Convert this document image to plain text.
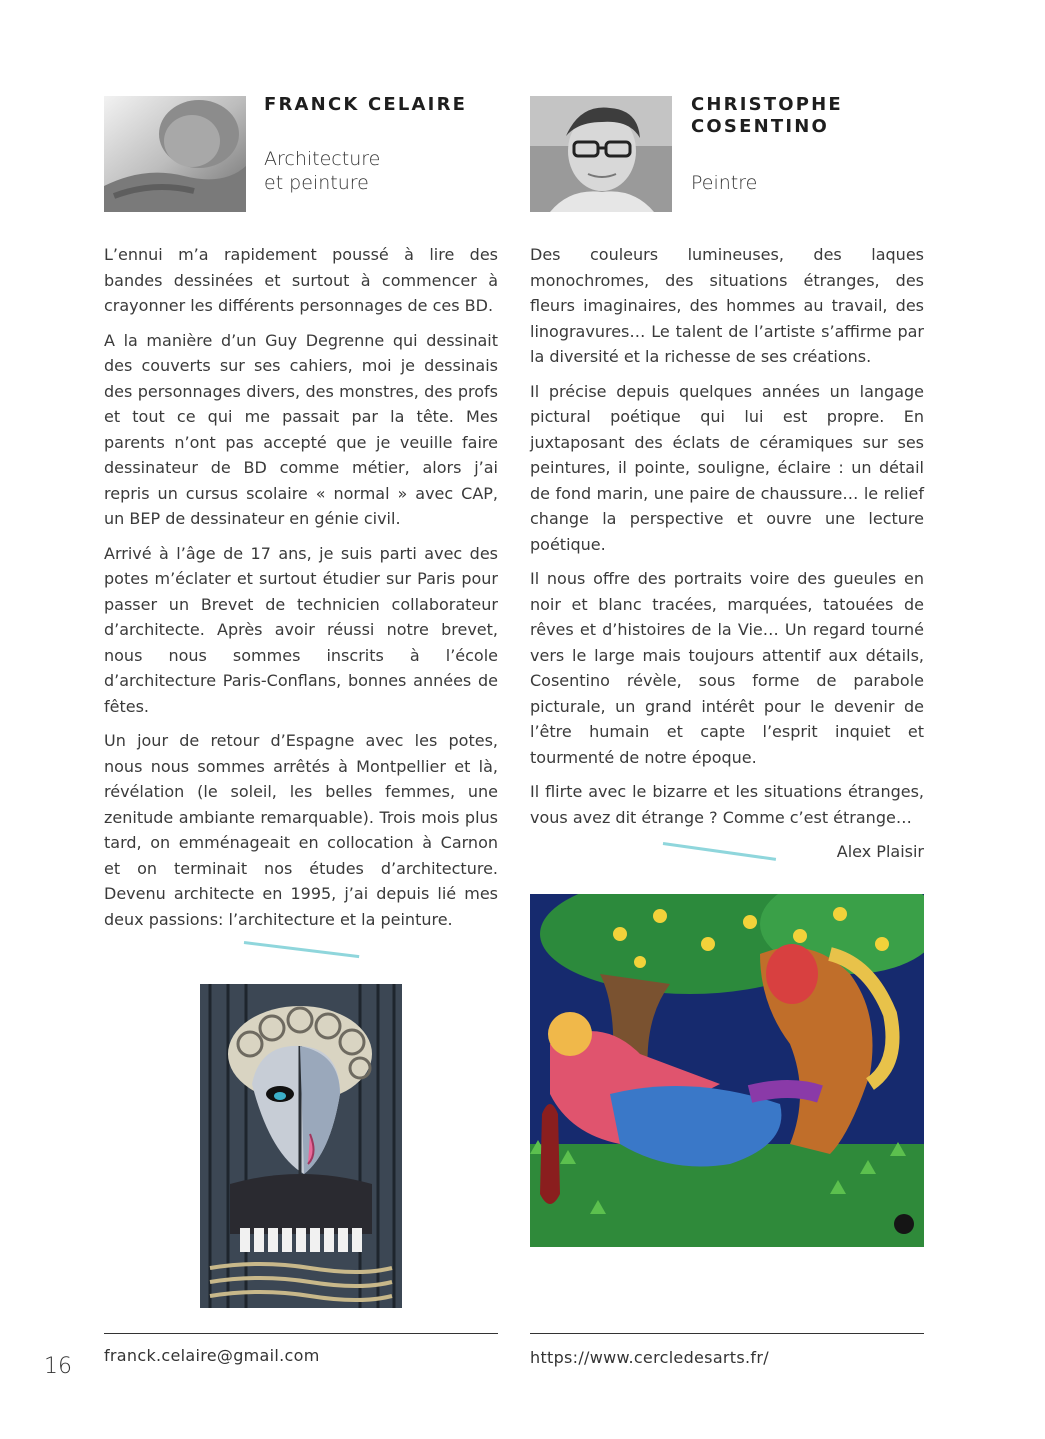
FRANCK CELAIRE

Architecture

et peinture

CHRISTOPHE
COSENTINO

Peintre

L’ennui m’a rapidement poussé à lire des bandes dessinées et surtout à commencer à crayonner les différents personnages de ces BD.

A la manière d’un Guy Degrenne qui dessinait des couverts sur ses cahiers, moi je dessinais des personnages divers, des monstres, des profs et tout ce qui me passait par la tête. Mes parents n’ont pas accepté que je veuille faire dessinateur de BD comme métier, alors j’ai repris un cursus scolaire « normal » avec CAP, un BEP de dessinateur en génie civil.

Arrivé à l’âge de 17 ans, je suis parti avec des potes m’éclater et surtout étudier sur Paris pour passer un Brevet de technicien collaborateur d’architecte. Après avoir réussi notre brevet, nous nous sommes inscrits à l’école d’architecture Paris-Conflans, bonnes années de fêtes.

Un jour de retour d’Espagne avec les potes, nous nous sommes arrêtés à Montpellier et là, révélation (le soleil, les belles femmes, une zenitude ambiante remarquable). Trois mois plus tard, on emménageait en collocation à Carnon et on terminait nos études d’architecture. Devenu architecte en 1995, j’ai depuis lié mes deux passions: l’architecture et la peinture.

Des couleurs lumineuses, des laques monochromes, des situations étranges, des fleurs imaginaires, des hommes au travail, des linogravures… Le talent de l’artiste s’affirme par la diversité et la richesse de ses créations.

Il précise depuis quelques années un langage pictural poétique qui lui est propre. En juxtaposant des éclats de céramiques sur ses peintures, il pointe, souligne, éclaire : un détail de fond marin, une paire de chaussure… le relief change la perspective et ouvre une lecture poétique.

Il nous offre des portraits voire des gueules en noir et blanc tracées, marquées, tatouées de rêves et d’histoires de la Vie… Un regard tourné vers le large mais toujours attentif aux détails, Cosentino révèle, sous forme de parabole picturale, un grand intérêt pour le devenir de l’être humain et capte l’esprit inquiet et tourmenté de notre époque.

Il flirte avec le bizarre et les situations étranges, vous avez dit étrange ? Comme c’est étrange…

Alex Plaisir
16 franck.celaire@gmail.com	https://www.cercledesarts.fr/
